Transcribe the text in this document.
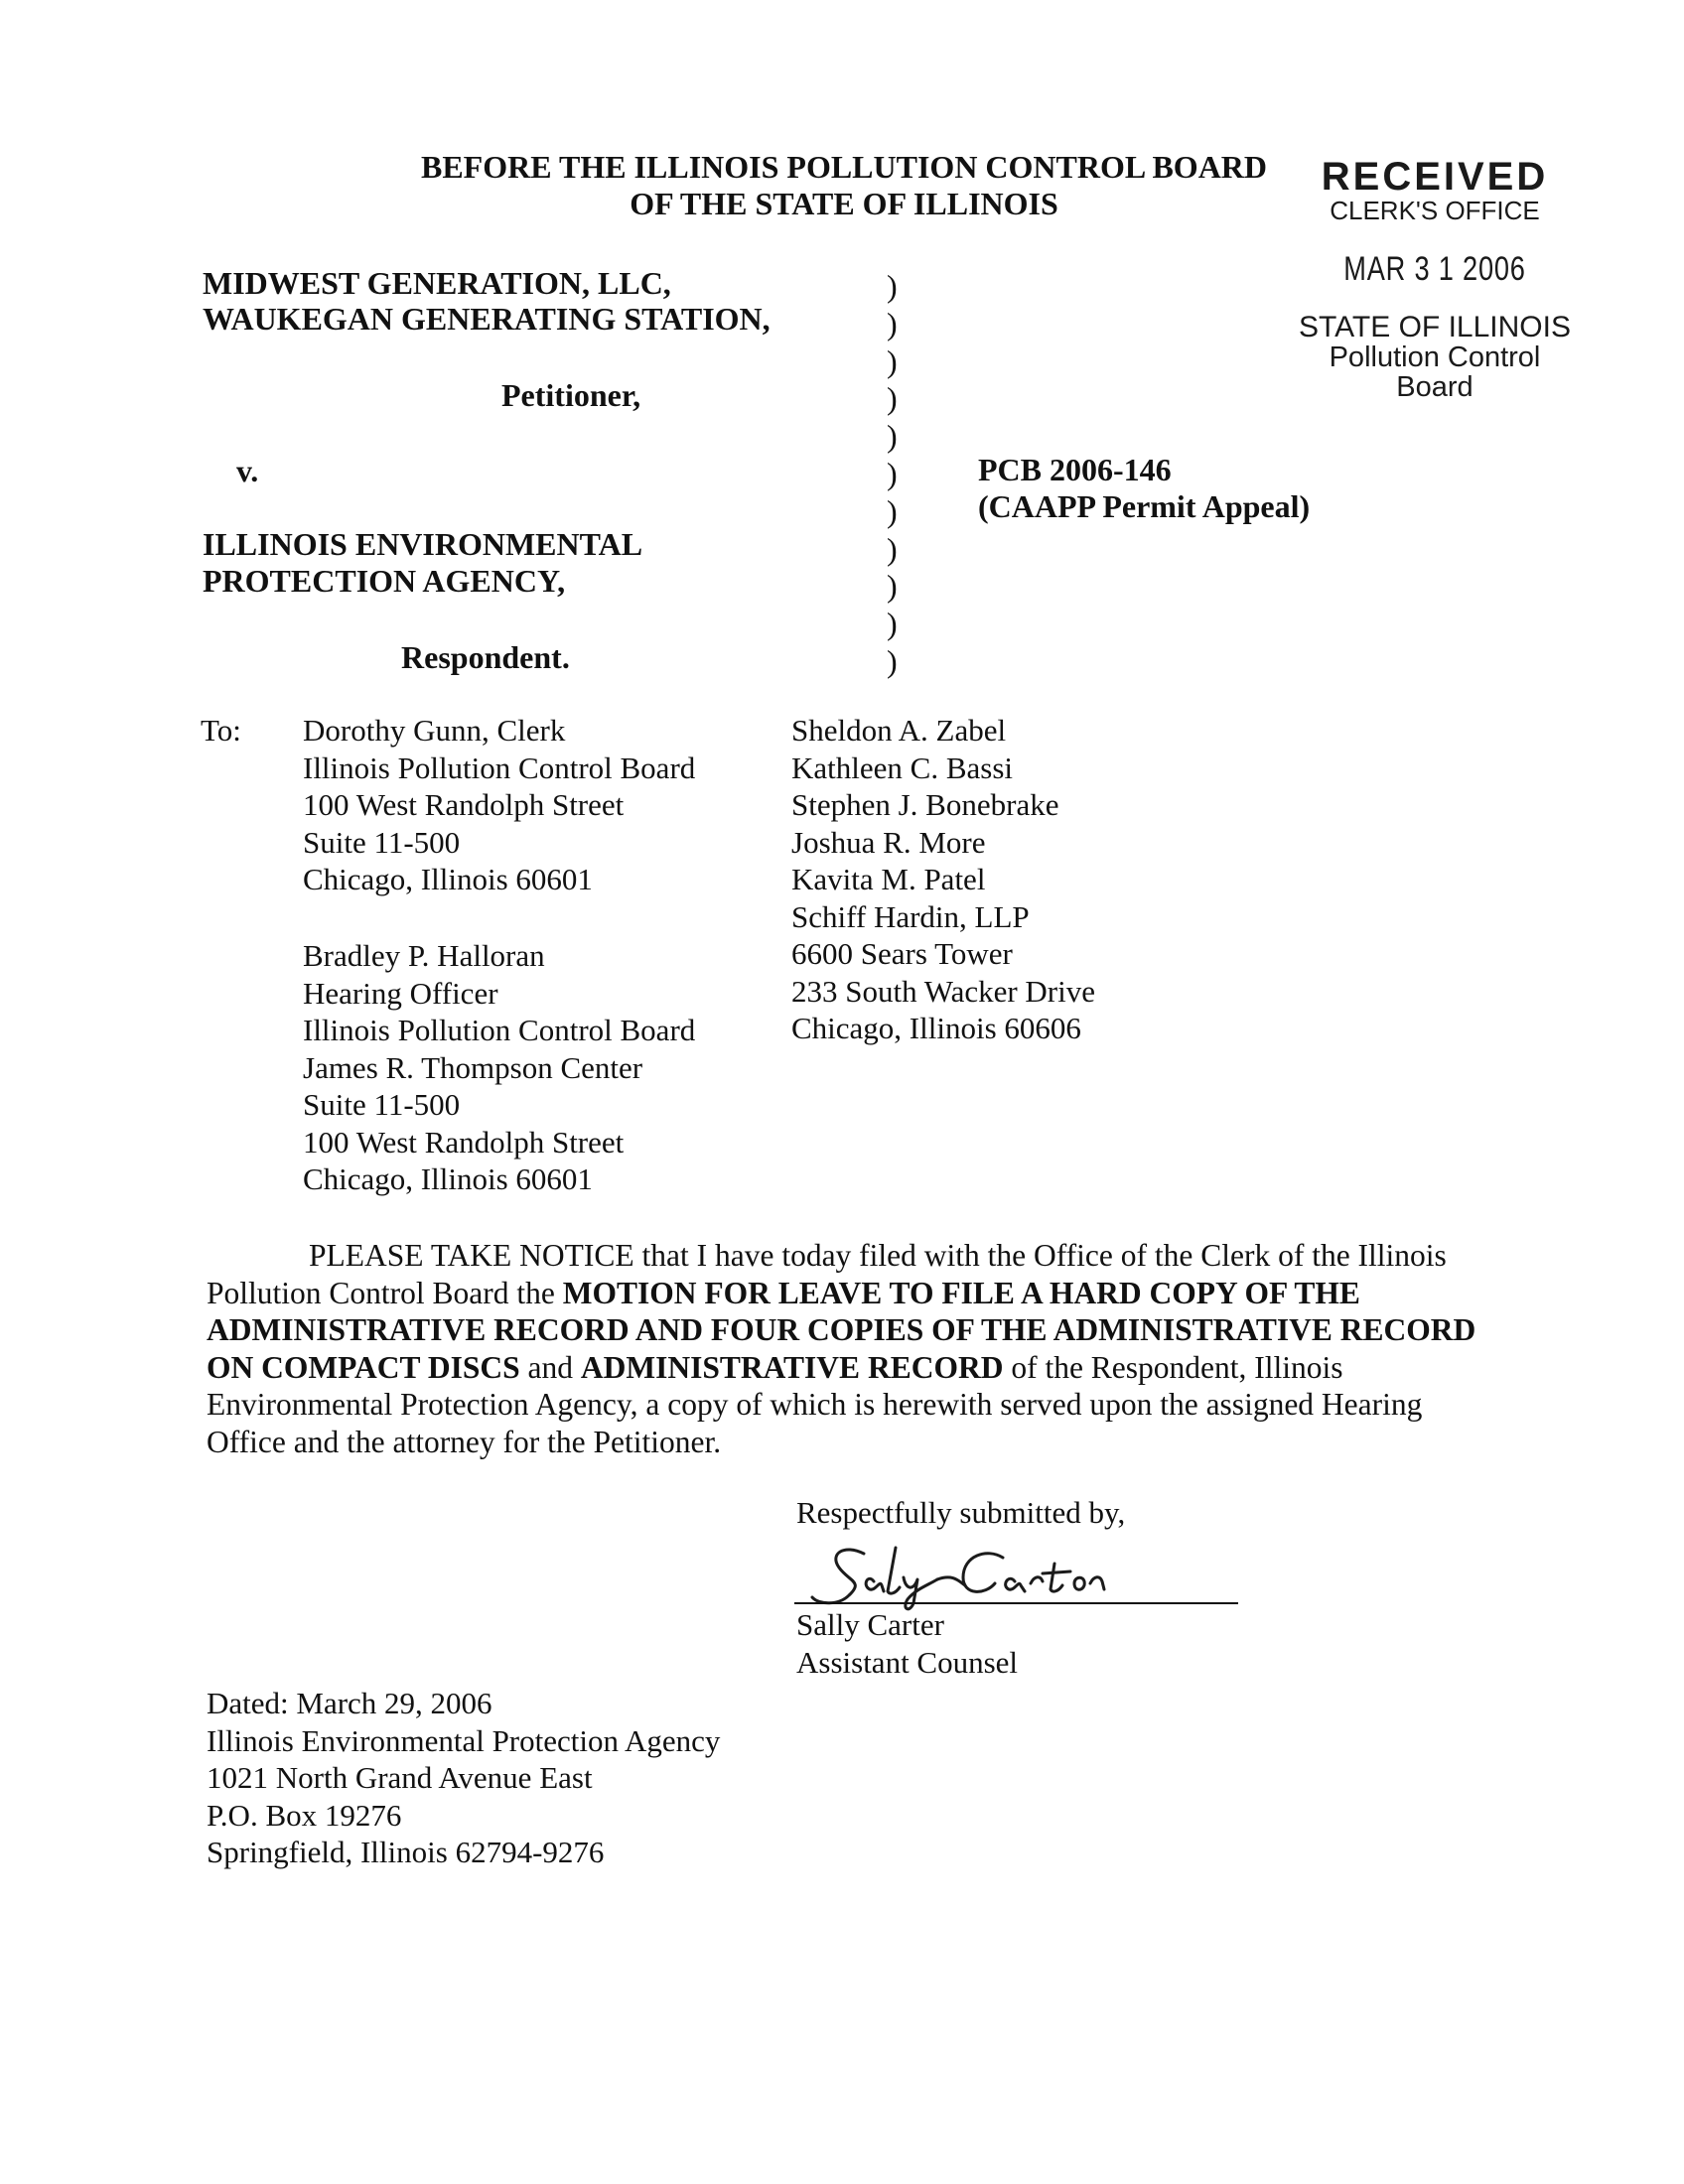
BEFORE THE ILLINOIS POLLUTION CONTROL BOARD
OF THE STATE OF ILLINOIS
RECEIVED
CLERK'S OFFICE
MAR 3 1 2006
STATE OF ILLINOIS
Pollution Control Board
MIDWEST GENERATION, LLC,
WAUKEGAN GENERATING STATION,
Petitioner,
v.
ILLINOIS ENVIRONMENTAL
PROTECTION AGENCY,
Respondent.
)
)
)
)
)
)
)
)
)
)
)
PCB 2006-146
(CAAPP Permit Appeal)
To: Dorothy Gunn, Clerk
Illinois Pollution Control Board
100 West Randolph Street
Suite 11-500
Chicago, Illinois 60601
Bradley P. Halloran
Hearing Officer
Illinois Pollution Control Board
James R. Thompson Center
Suite 11-500
100 West Randolph Street
Chicago, Illinois 60601
Sheldon A. Zabel
Kathleen C. Bassi
Stephen J. Bonebrake
Joshua R. More
Kavita M. Patel
Schiff Hardin, LLP
6600 Sears Tower
233 South Wacker Drive
Chicago, Illinois 60606
PLEASE TAKE NOTICE that I have today filed with the Office of the Clerk of the Illinois Pollution Control Board the MOTION FOR LEAVE TO FILE A HARD COPY OF THE ADMINISTRATIVE RECORD AND FOUR COPIES OF THE ADMINISTRATIVE RECORD ON COMPACT DISCS and ADMINISTRATIVE RECORD of the Respondent, Illinois Environmental Protection Agency, a copy of which is herewith served upon the assigned Hearing Office and the attorney for the Petitioner.
Respectfully submitted by,
Sally Carter
Assistant Counsel
Dated: March 29, 2006
Illinois Environmental Protection Agency
1021 North Grand Avenue East
P.O. Box 19276
Springfield, Illinois 62794-9276
